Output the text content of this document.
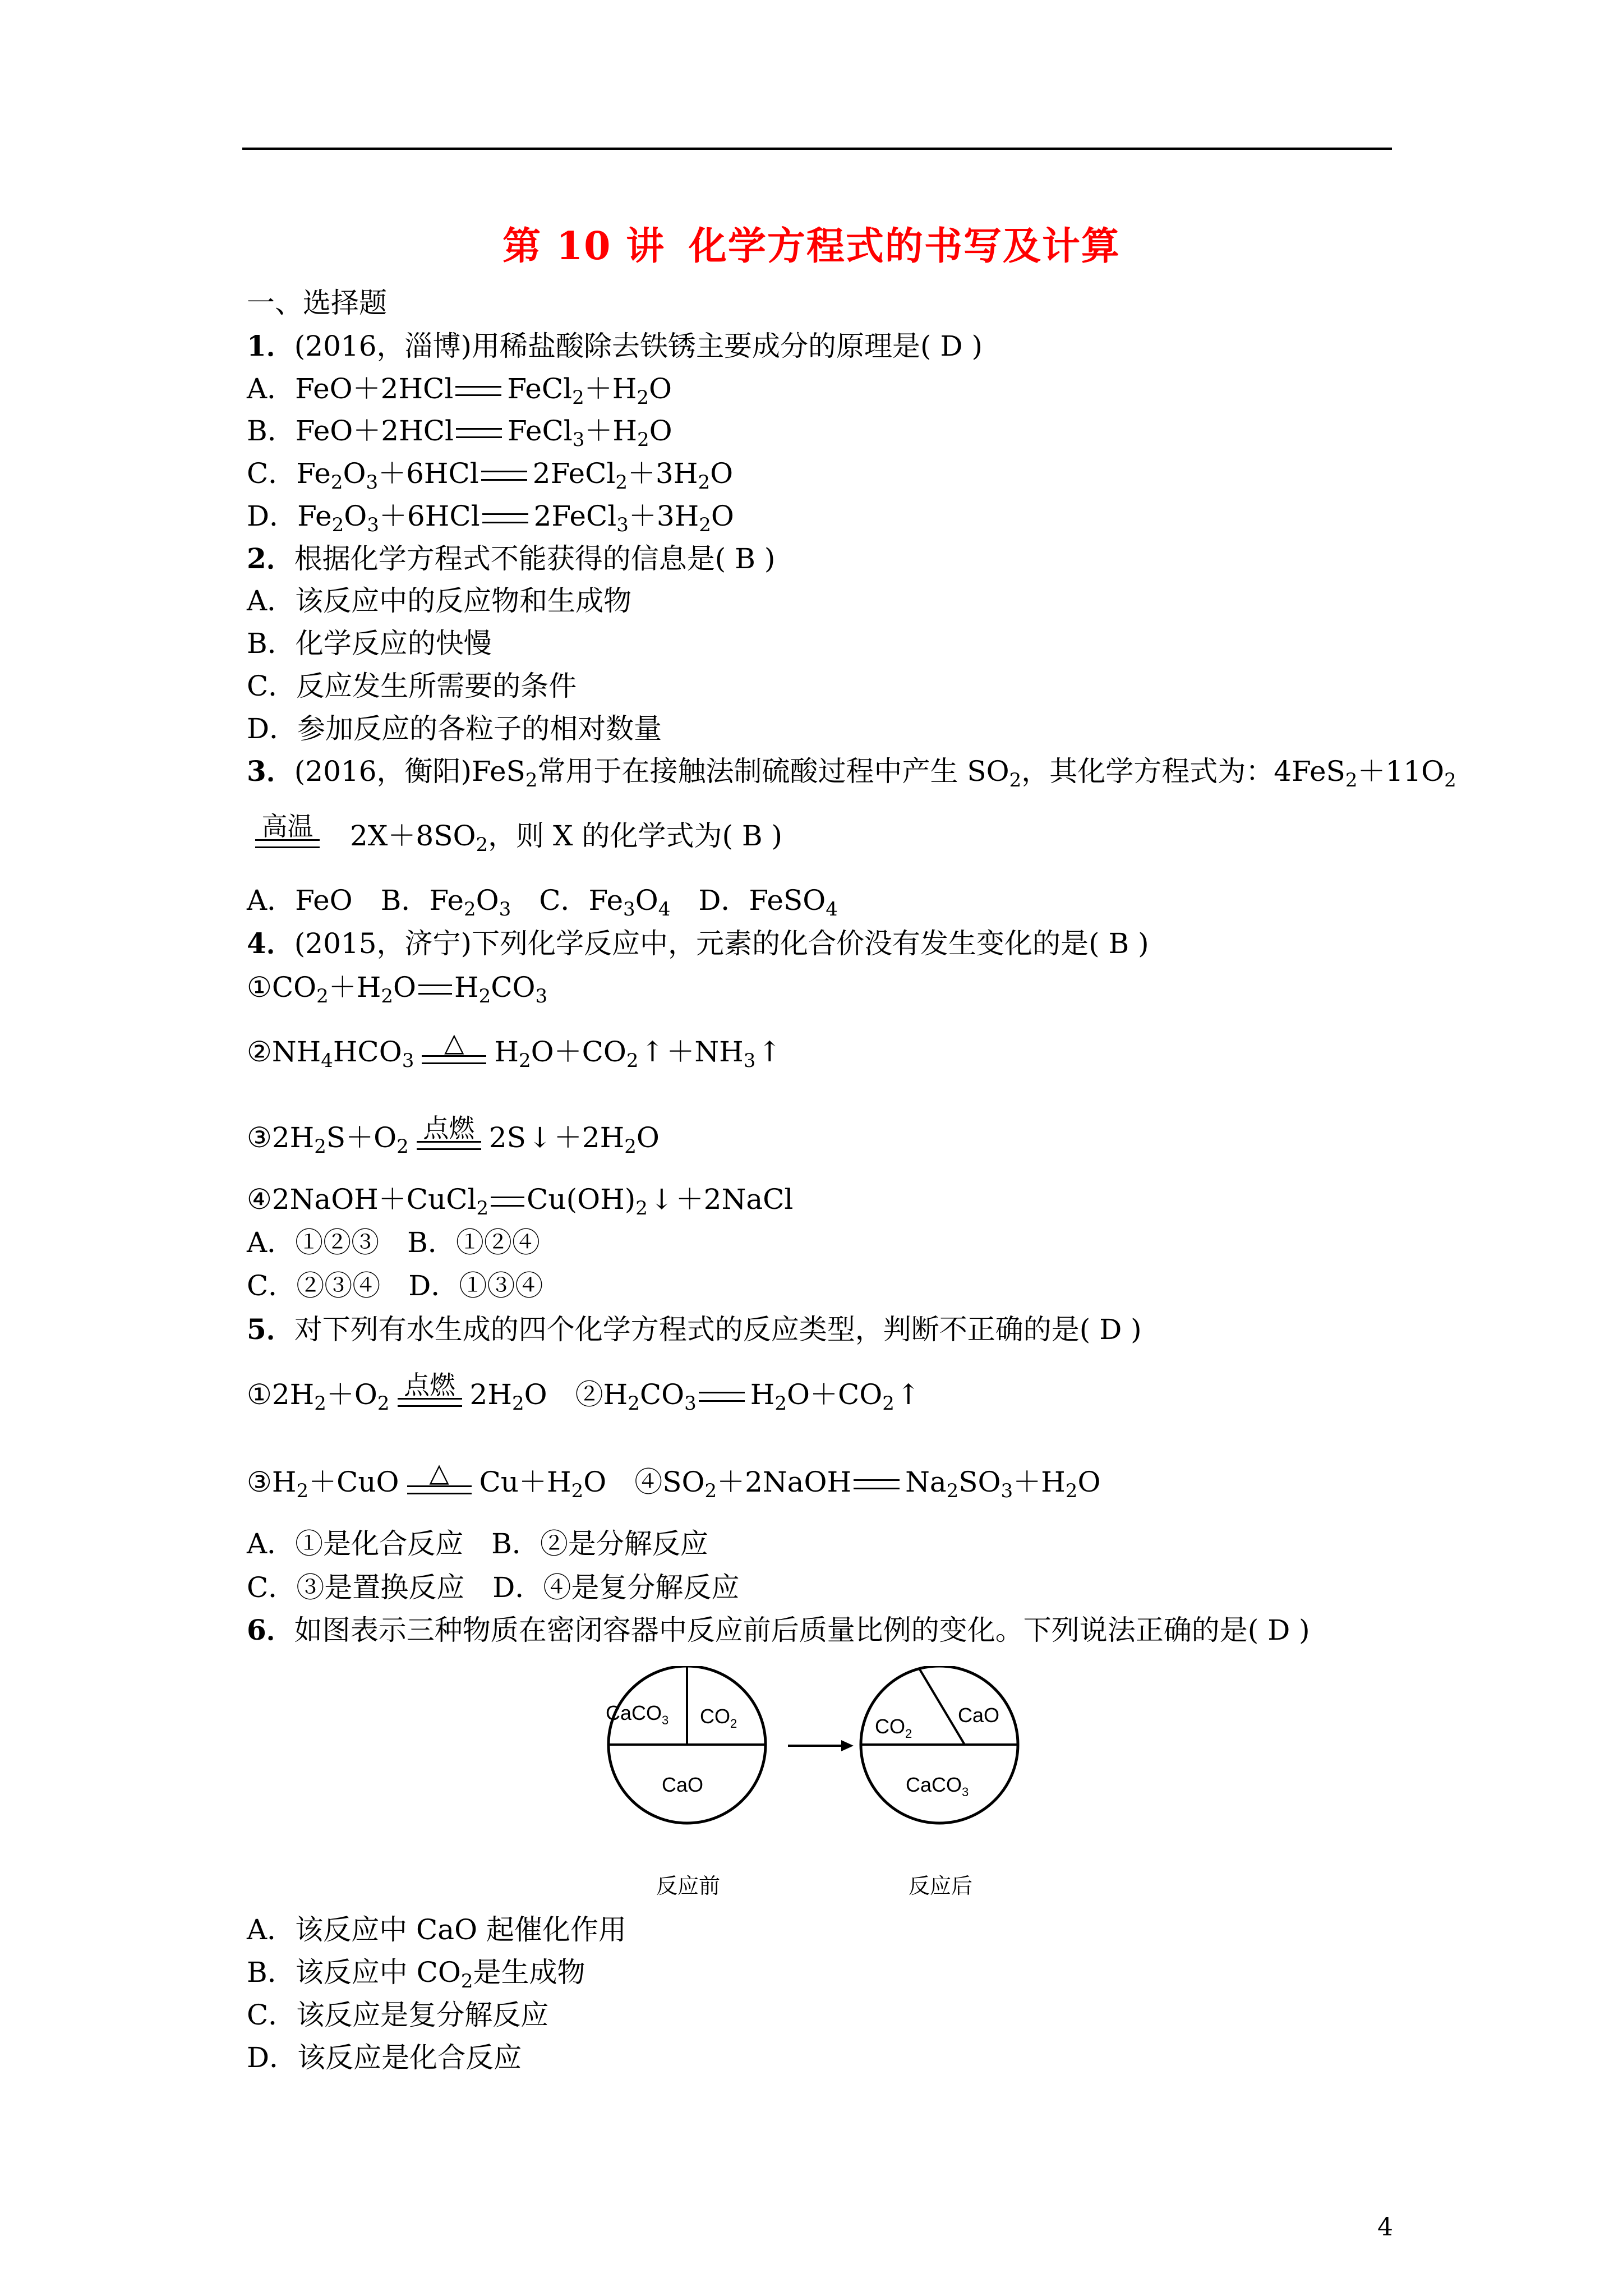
第 10 讲 化学方程式的书写及计算
一、选择题
1．(2016，淄博)用稀盐酸除去铁锈主要成分的原理是( D )
A．FeO＋2HCl $FeCl_2+H_2O$
B．FeO＋2HCl $FeCl_3+H_2O$
C．$Fe_2O_3+6HCl$ $2FeCl_2+3H_2O$
D．$Fe_2O_3+6HCl$ $2FeCl_3+3H_2O$
2．根据化学方程式不能获得的信息是( B )
A．该反应中的反应物和生成物
B．化学反应的快慢
C．反应发生所需要的条件
D．参加反应的各粒子的相对数量
3．(2016，衡阳)FeS$_2$常用于在接触法制硫酸过程中产生 $SO_2$，其化学方程式为：$4FeS_2+11O_2$
高温 $2X+8SO_2$，则 X 的化学式为( B )
A．FeO　B．$Fe_2O_3$　C．$Fe_3O_4$　D．FeSO$_4$
4．(2015，济宁)下列化学反应中，元素的化合价没有发生变化的是( B )
$①CO_2+H_2O$ $H_2CO_3$
$②NH_4HCO_3$
△	$H_2O+CO_2↑+NH_3↑$
$③2H_2S+O_2$
点燃 $2S↓+2H_2O$
④2NaOH＋CuCl$_2$ $Cu(OH)_2↓+2NaCl$
A．①②③　B．①②④
C．②③④　D．①③④
5．对下列有水生成的四个化学方程式的反应类型，判断不正确的是( D )
$①2H_2+O_2$
点燃 $2H_2O$　$②H_2CO_3$ $H_2O+CO_2↑$
$③H_2+CuO$	△	$Cu+H_2O$　$④SO_2+2NaOH$ $Na_2SO_3+H_2O$
A．①是化合反应　B．②是分解反应
C．③是置换反应　D．④是复分解反应
6．如图表示三种物质在密闭容器中反应前后质量比例的变化。下列说法正确的是( D )
CaCO$_3$ $CO_2$
CaO
$CO_2$
CaO
CaCO$_3$
反应前	反应后
A．该反应中 CaO 起催化作用
B．该反应中 $CO_2$是生成物
C．该反应是复分解反应
D．该反应是化合反应
4
